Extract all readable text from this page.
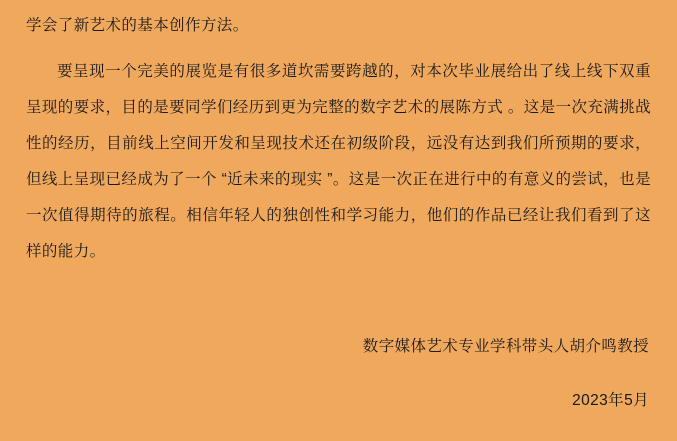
学会了新艺术的基本创作方法。

要呈现一个完美的展览是有很多道坎需要跨越的，对本次毕业展给出了线上线下双重呈现的要求，目的是要同学们经历到更为完整的数字艺术的展陈方式 。这是一次充满挑战性的经历，目前线上空间开发和呈现技术还在初级阶段，远没有达到我们所预期的要求，但线上呈现已经成为了一个 “近未来的现实 ”。这是一次正在进行中的有意义的尝试，也是一次值得期待的旅程。相信年轻人的独创性和学习能力，他们的作品已经让我们看到了这样的能力。

数字媒体艺术专业学科带头人胡介鸣教授

2023年5月
